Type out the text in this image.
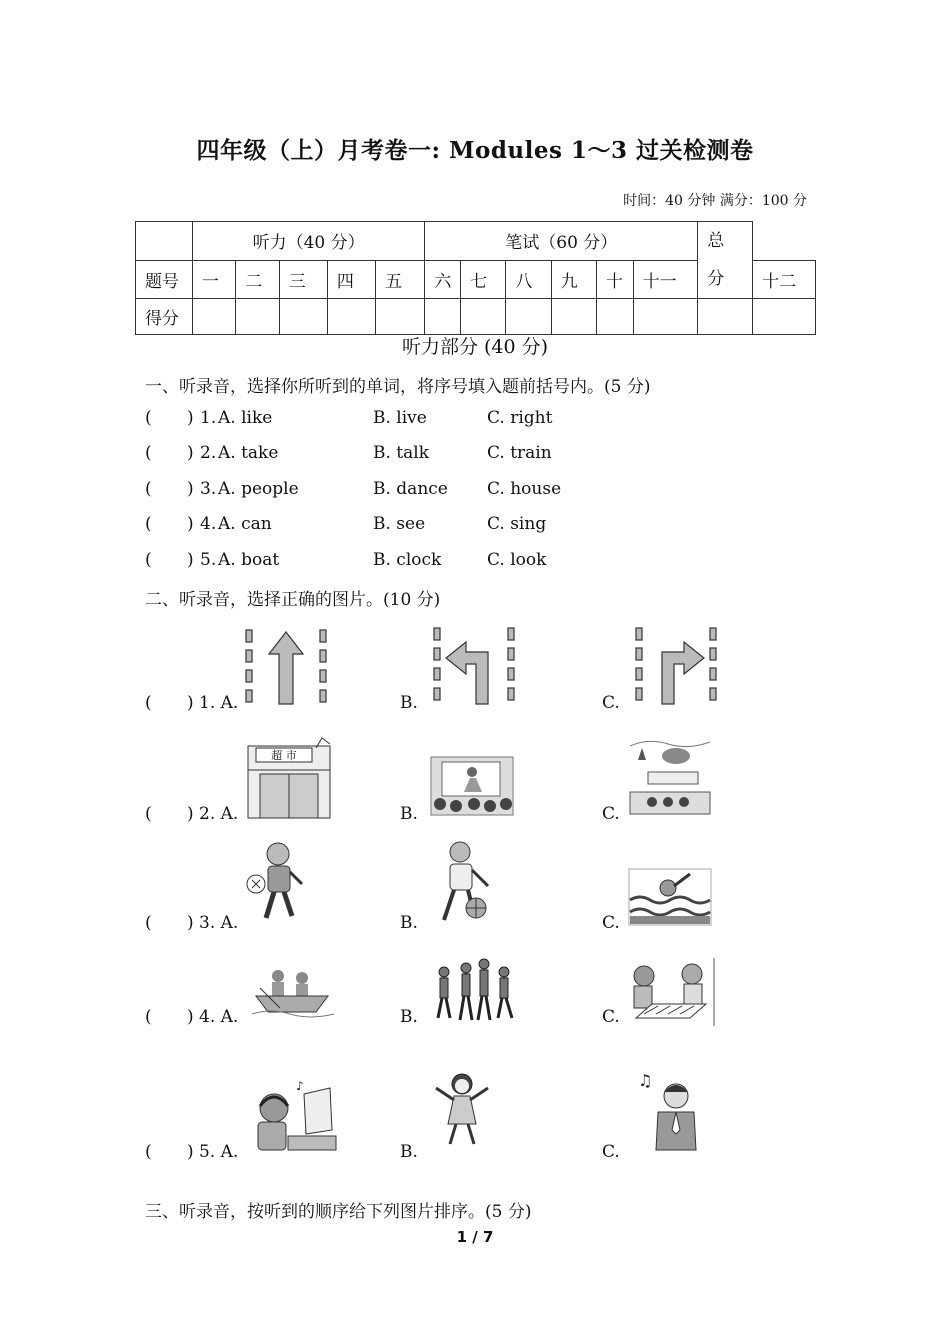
四年级（上）月考卷一: Modules 1～3 过关检测卷
时间：40 分钟 满分：100 分
	听力（40 分）					笔试（60 分）						总
分	

题号	一	二	三	四	五	六	七	八	九	十	十一		十二
得分													
听力部分 (40 分)
一、听录音，选择你所听到的单词，将序号填入题前括号内。(5 分)
( ) 1. A. like	B. live	C. right
( ) 2. A. take	B. talk	C. train
( ) 3. A. people	B. dance C. house
( ) 4. A. can	B. see	C. sing
( ) 5. A. boat	B. clock	C. look
二、听录音，选择正确的图片。(10 分)
( ) 1. A.	B.	C.
( ) 2. A.	B.	C.
超 市
( ) 3. A.	B.	C.
( ) 4. A.	B.	C.
( ) 5. A.	B.	C.
♪	♫
三、听录音，按听到的顺序给下列图片排序。(5 分)
1 / 7
